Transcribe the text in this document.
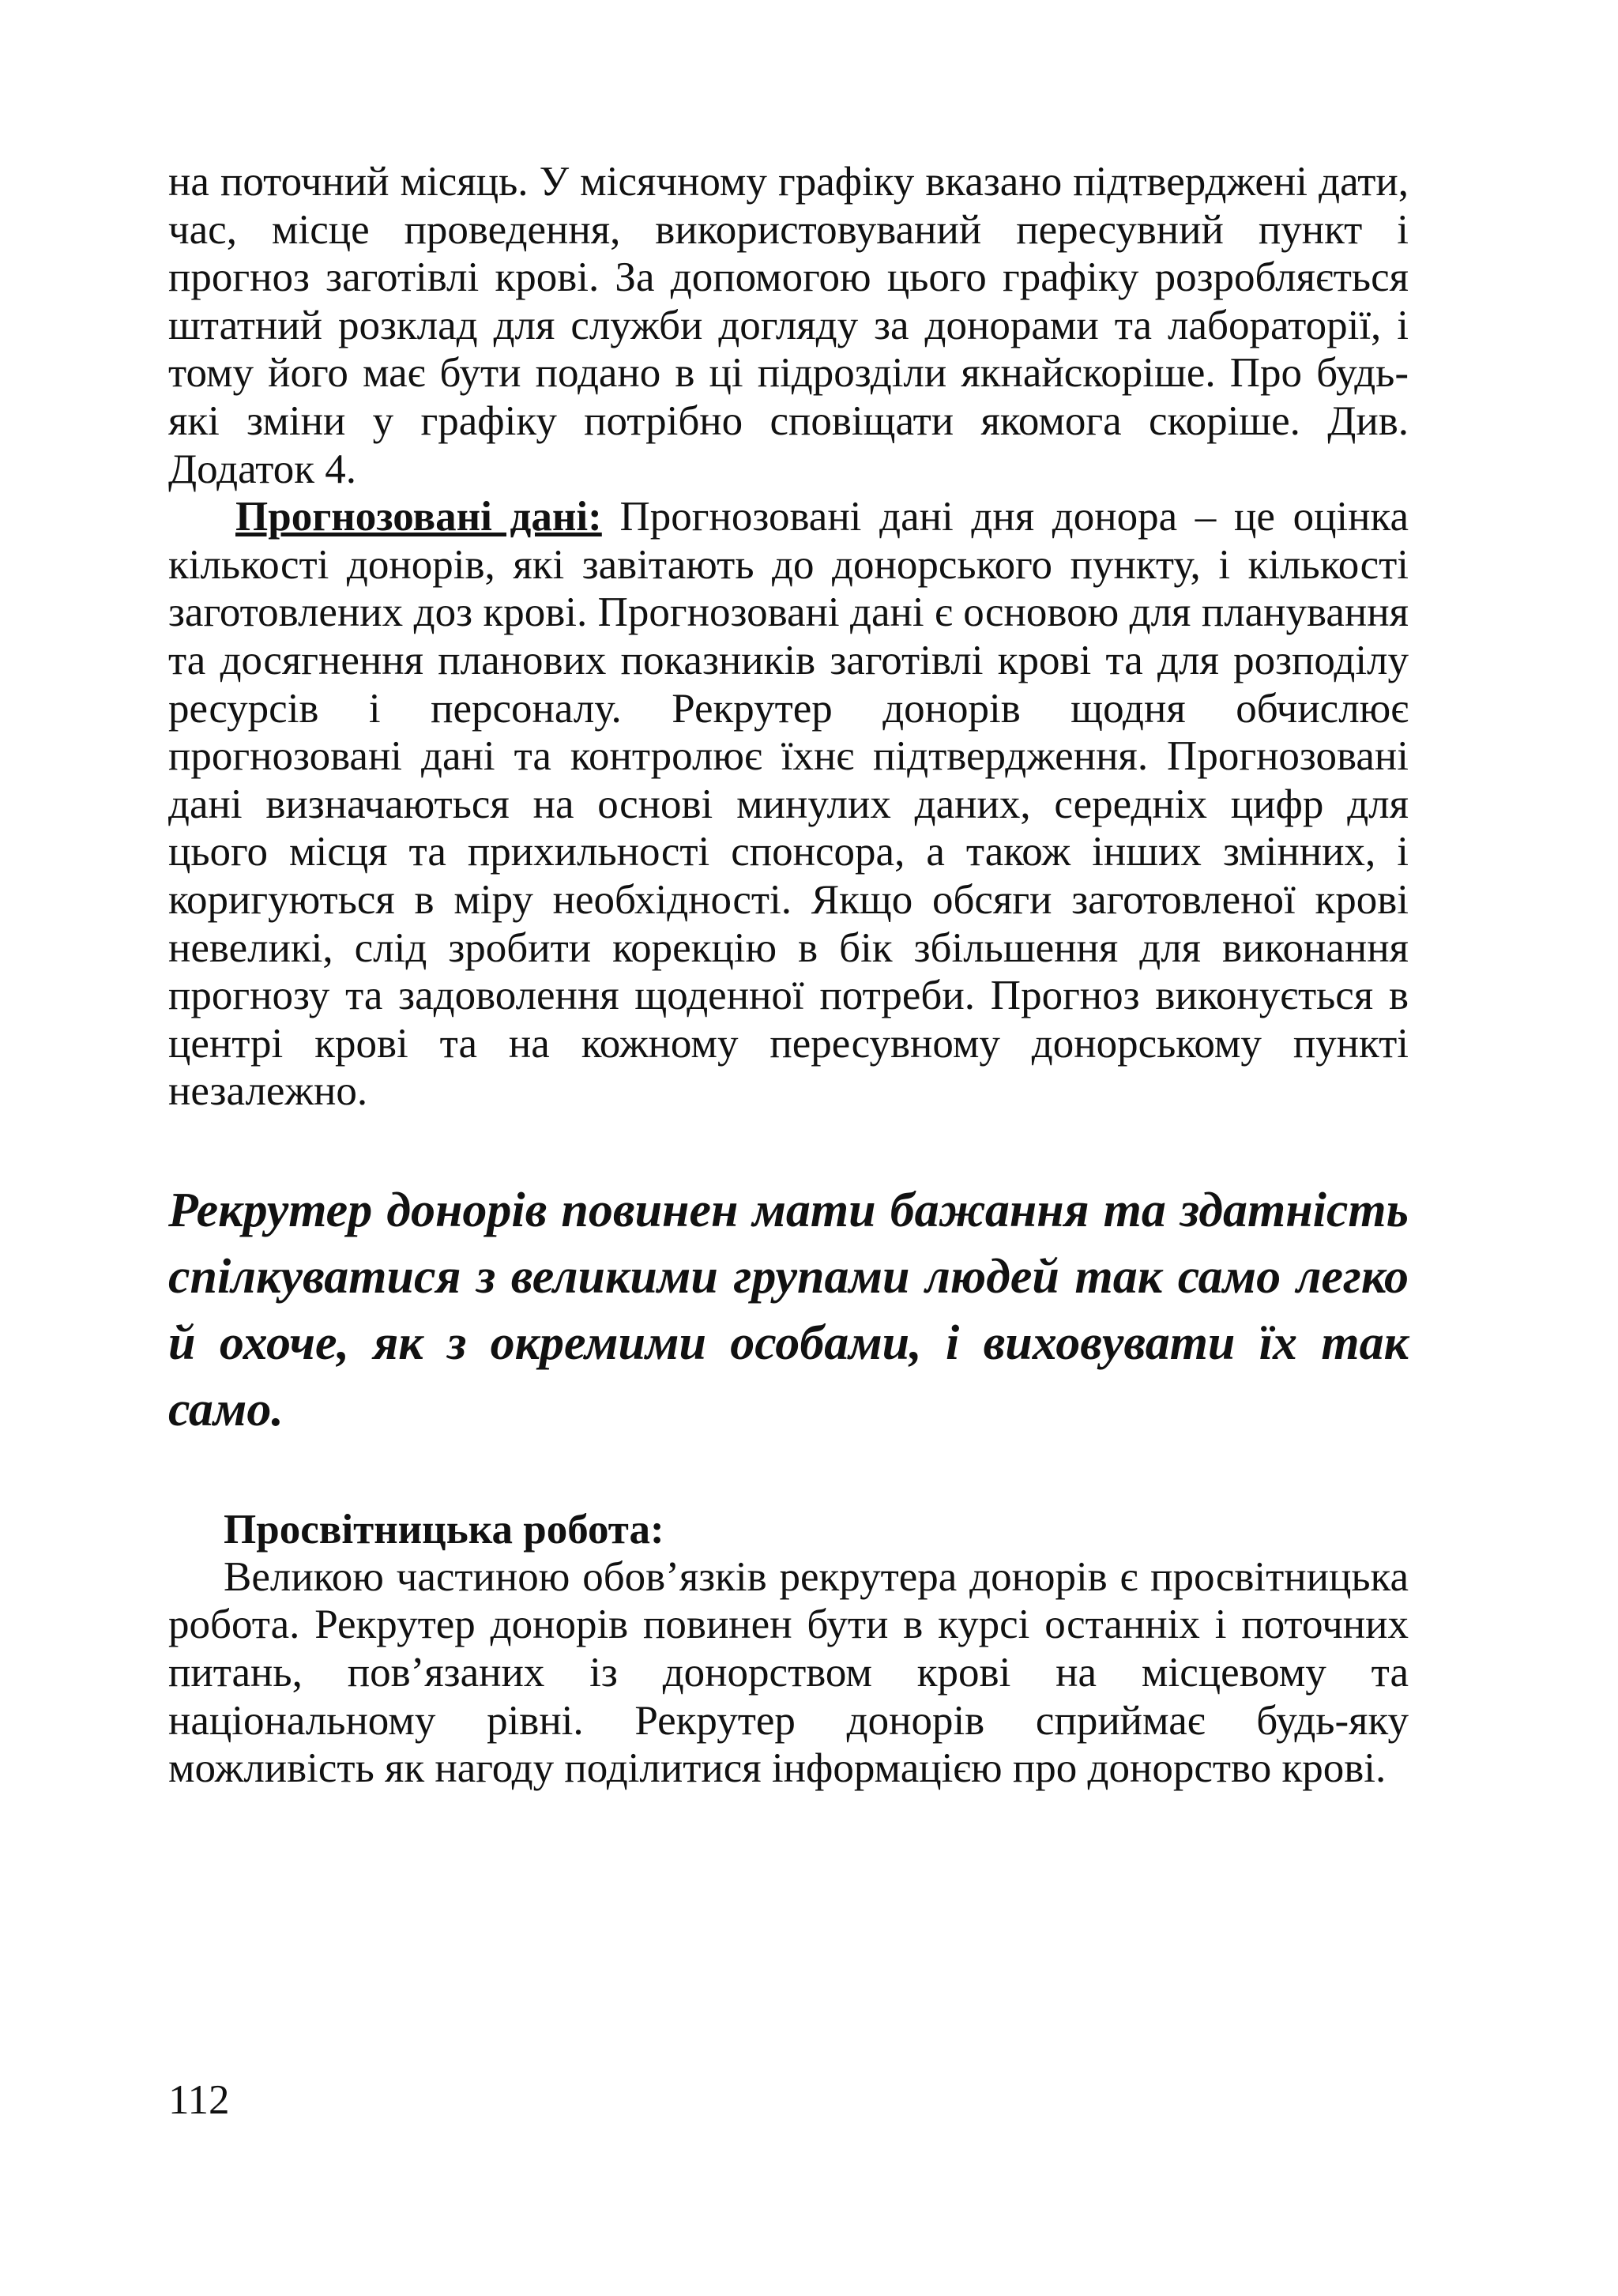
на поточний місяць. У місячному графіку вказано підтверджені дати, час, місце проведення, використовуваний пересувний пункт і прогноз заготівлі крові. За допомогою цього графіку розробляється штатний розклад для служби догляду за донорами та лабораторії, і тому його має бути подано в ці підрозділи якнайскоріше. Про будь-які зміни у графіку потрібно сповіщати якомога скоріше. Див. Додаток 4.

Прогнозовані дані: Прогнозовані дані дня донора – це оцінка кількості донорів, які завітають до донорського пункту, і кількості заготовлених доз крові. Прогнозовані дані є основою для планування та досягнення планових показників заготівлі крові та для розподілу ресурсів і персоналу. Рекрутер донорів щодня обчислює прогнозовані дані та контролює їхнє підтвердження. Прогнозовані дані визначаються на основі минулих даних, середніх цифр для цього місця та прихильності спонсора, а також інших змінних, і коригуються в міру необхідності. Якщо обсяги заготовленої крові невеликі, слід зробити корекцію в бік збільшення для виконання прогнозу та задоволення щоденної потреби. Прогноз виконується в центрі крові та на кожному пересувному донорському пункті незалежно.

Рекрутер донорів повинен мати бажання та здатність спілкуватися з великими групами людей так само легко й охоче, як з окремими особами, і виховувати їх так само.

Просвітницька робота:

Великою частиною обов’язків рекрутера донорів є просвітницька робота. Рекрутер донорів повинен бути в курсі останніх і поточних питань, пов’язаних із донорством крові на місцевому та національному рівні. Рекрутер донорів сприймає будь-яку можливість як нагоду поділитися інформацією про донорство крові.

112
